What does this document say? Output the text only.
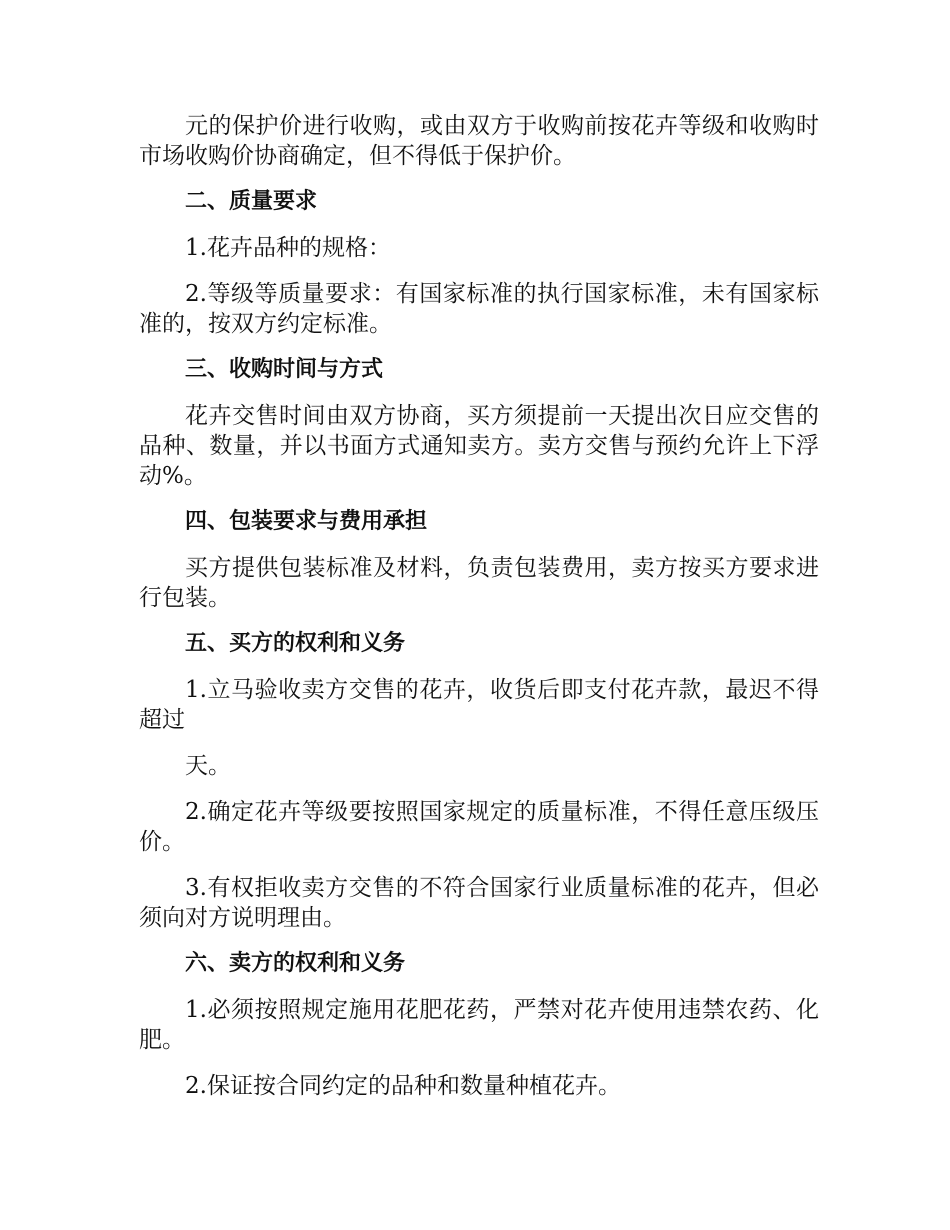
元的保护价进行收购，或由双方于收购前按花卉等级和收购时市场收购价协商确定，但不得低于保护价。

二、质量要求

1.花卉品种的规格：

2.等级等质量要求：有国家标准的执行国家标准，未有国家标准的，按双方约定标准。

三、收购时间与方式

花卉交售时间由双方协商，买方须提前一天提出次日应交售的品种、数量，并以书面方式通知卖方。卖方交售与预约允许上下浮动%。

四、包装要求与费用承担

买方提供包装标准及材料，负责包装费用，卖方按买方要求进行包装。

五、买方的权利和义务

1.立马验收卖方交售的花卉，收货后即支付花卉款，最迟不得超过

天。

2.确定花卉等级要按照国家规定的质量标准，不得任意压级压价。

3.有权拒收卖方交售的不符合国家行业质量标准的花卉，但必须向对方说明理由。

六、卖方的权利和义务

1.必须按照规定施用花肥花药，严禁对花卉使用违禁农药、化肥。

2.保证按合同约定的品种和数量种植花卉。
